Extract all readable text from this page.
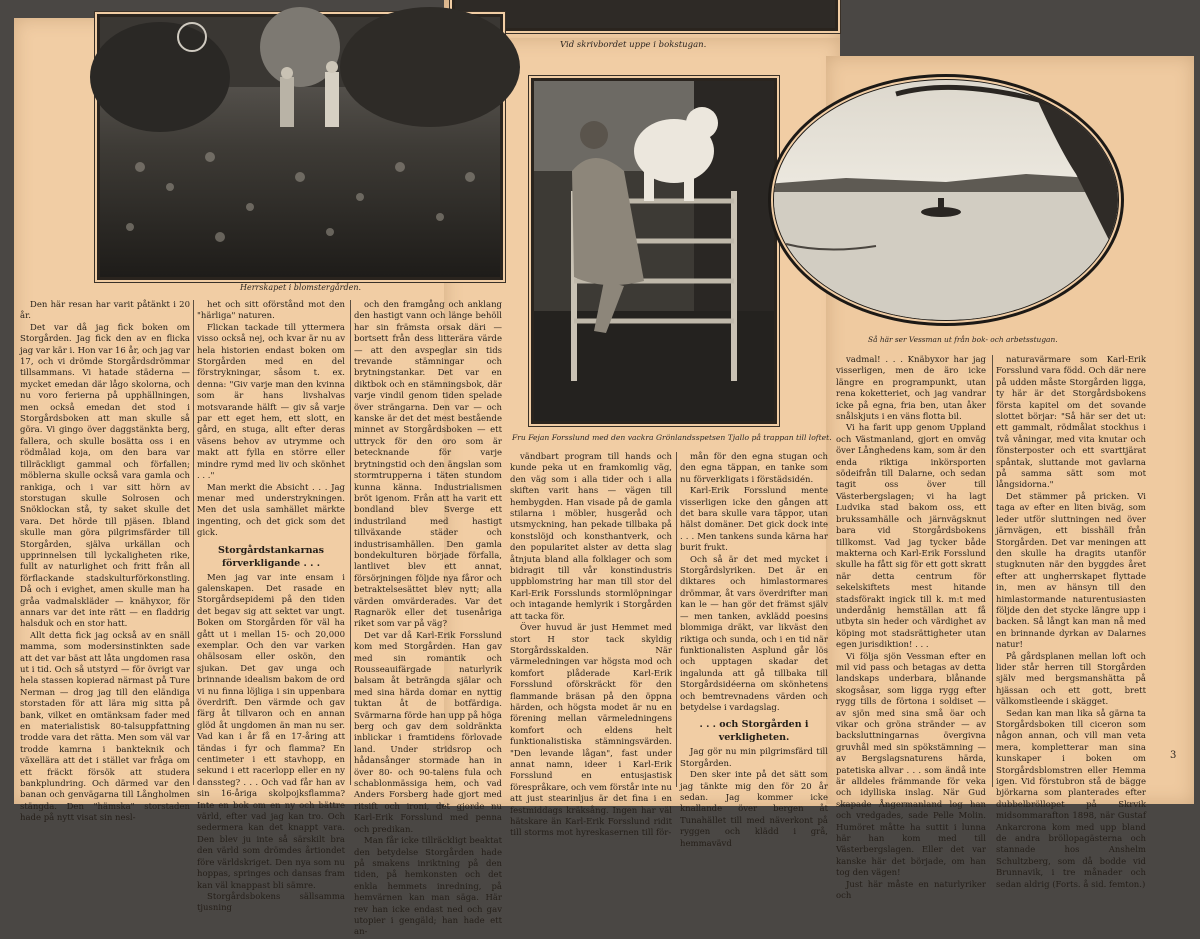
Vid skrivbordet uppe i bokstugan.
Herrskapet i blomstergården.
Fru Fejan Forsslund med den vackra Grönlandsspetsen Tjallo på trappan till loftet.
Så här ser Vessman ut från bok- och arbetsstugan.

Den här resan har varit påtänkt i 20 år.

Det var då jag fick boken om Storgården. Jag fick den av en flicka jag var kär i. Hon var 16 år, och jag var 17, och vi drömde Storgårdsdrömmar tillsammans. Vi hatade städerna — mycket emedan där lågo skolorna, och nu voro ferierna på upphällningen, men också emedan det stod i Storgårdsboken att man skulle så göra. Vi gingo över daggstänkta berg, fallera, och skulle bosätta oss i en rödmålad koja, om den bara var tillräckligt gammal och förfallen; möblerna skulle också vara gamla och rankiga, och i var sitt hörn av storstugan skulle Solrosen och Snöklockan stå, ty saket skulle det vara. Det hörde till pjäsen. Ibland skulle man göra pilgrimsfärder till Storgården, själva urkällan och upprinnelsen till lyckaligheten rike, fullt av naturlighet och fritt från all förflackande stadskulturförkonstling. Då och i evighet, amen skulle man ha gråa vadmalskläder — knähyxor, för annars var det inte rätt — en fladdrig halsduk och en stor hatt.

Allt detta fick jag också av en snäll mamma, som modersinstinkten sade att det var bäst att låta ungdomen rasa ut i tid. Och så utstyrd — för övrigt var hela stassen kopierad närmast på Ture Nerman — drog jag till den eländiga storstaden för att lära mig sitta på bank, vilket en omtänksam fader med en materialistisk 80-talsuppfattning trodde vara det rätta. Men som väl var trodde kamrna i bankteknik och växellära att det i stället var fråga om ett fräckt försök att studera bankplundring. Och därmed var den banan och genvägarna till Långholmen stängda. Den "hämska" storstaden hade på nytt visat sin nesl-

het och sitt oförstånd mot den "härliga" naturen.

Flickan tackade till yttermera visso också nej, och kvar är nu av hela historien endast boken om Storgården med en del förstrykningar, såsom t. ex. denna: "Giv varje man den kvinna som är hans livshalvas motsvarande hälft — giv så varje par ett eget hem, ett slott, en gård, en stuga, allt efter deras väsens behov av utrymme och makt att fylla en större eller mindre rymd med liv och skönhet . . ."

Man merkt die Absicht . . . Jag menar med understrykningen. Men det usla samhället märkte ingenting, och det gick som det gick.

Storgårdstankarnas förverkligande . . .

Men jag var inte ensam i galenskapen. Det rasade en Storgårdsepidemi på den tiden det begav sig att sektet var ungt. Boken om Storgården för väl ha gått ut i mellan 15- och 20,000 exemplar. Och den var varken ohälsosam eller oskön, den sjukan. Det gav unga och brinnande idealism bakom de ord vi nu finna löjliga i sin uppenbara överdrift. Den värmde och gav färg åt tillvaron och en annan glöd åt ungdomen än man nu ser. Vad kan i år få en 17-åring att tändas i fyr och flamma? En centimeter i ett stavhopp, en sekund i ett racerlopp eller en ny danssteg? . . . Och vad får han av sin 16-åriga skolpojksflamma? Inte en bok om en ny och bättre värld, efter vad jag kan tro. Och sedermera kan det knappt vara. Den blev ju inte så särskilt bra den värld som drömdes årtiondet före världskriget. Den nya som nu hoppas, springes och dansas fram kan väl knappast bli sämre.

Storgårdsbokens sällsamma tjusning

och den framgång och anklang den hastigt vann och länge behöll har sin främsta orsak däri — bortsett från dess litterära värde — att den avspeglar sin tids trevande stämningar och brytningstankar. Det var en diktbok och en stämningsbok, där varje vindil genom tiden spelade över strängarna. Den var — och kanske är det det mest bestående minnet av Storgårdsboken — ett uttryck för den oro som är betecknande för varje brytningstid och den ängslan som stormtrupperna i täten stundom kunna känna. Industrialismen bröt igenom. Från att ha varit ett bondland blev Sverge ett industriland med hastigt tillväxande städer och industrisamhällen. Den gamla bondekulturen började förfalla, lantlivet blev ett annat, försörjningen följde nya fåror och betraktelsesättet blev nytt; alla värden omvärderades. Var det Ragnarök eller det tusenåriga riket som var på väg?

Det var då Karl-Erik Forsslund kom med Storgården. Han gav med sin romantik och Rousseauifärgade naturlyrik balsam åt beträngda själar och med sina härda domar en nyttig tuktan åt de botfärdiga. Svärmarna förde han upp på höga berg och gav dem soldränkta inblickar i framtidens förlovade land. Under stridsrop och hådansånger stormade han in över 80- och 90-talens fula och schablonmässiga hem, och vad Anders Forsberg hade gjort med ritsift och ironi, det gjorde nu Karl-Erik Forsslund med penna och predikan.

Man får icke tillräckligt beaktat den betydelse Storgården hade på smakens inriktning på den tiden, på hemkonsten och det enkla hemmets inredning, på hemvärnen kan man säga. Här rev han icke endast ned och gav utopier i gengäld; han hade ett an-

vändbart program till hands och kunde peka ut en framkomlig väg, den väg som i alla tider och i alla skiften varit hans — vägen till hembygden. Han visade på de gamla stilarna i möbler, husgeråd och utsmyckning, han pekade tillbaka på konstslöjd och konsthantverk, och den popularitet alster av detta slag åtnjuta bland alla folklager och som bidragit till vår konstindustris uppblomstring har man till stor del Karl-Erik Forsslunds stormlöpningar och intagande hemlyrik i Storgården att tacka för.

Över huvud är just Hemmet med stort H stor tack skyldig Storgårdsskalden. När värmeledningen var högsta mod och komfort plåderade Karl-Erik Forsslund oförskräckt för den flammande bräsan på den öppna härden, och högsta modet är nu en förening mellan värmeledningens komfort och eldens helt funktionalistiska stämningsvärden. "Den levande lågan", fast under annat namn, ideer i Karl-Erik Forsslund en entusjastisk förespråkare, och vem förstår inte nu att just stearinljus är det fina i en festmiddags kräksång. Ingen har väl hätskare än Karl-Erik Forsslund ridit till storms mot hyreskasernen till för-

mån för den egna stugan och den egna täppan, en tanke som nu förverkligats i förstädsidén.

Karl-Erik Forsslund mente visserligen icke den gången att det bara skulle vara täppor, utan hälst domäner. Det gick dock inte . . . Men tankens sunda kärna har burit frukt.

Och så är det med mycket i Storgårdslyriken. Det är en diktares och himlastormares drömmar, åt vars överdrifter man kan le — han gör det främst själv — men tanken, avklädd poesins blommiga dräkt, var likväst den riktiga och sunda, och i en tid när funktionalisten Asplund går lös och upptagen skadar det ingalunda att gå tillbaka till Storgårdsidéerna om skönhetens och bemtrevnadens värden och betydelse i vardagslag.

. . . och Storgården i verkligheten.

Jag gör nu min pilgrimsfärd till Storgården.

Den sker inte på det sätt som jag tänkte mig den för 20 år sedan. Jag kommer icke knallande över bergen åt Tunahället till med näverkont på ryggen och klädd i grå, hemmavävd

vadmal! . . . Knäbyxor har jag visserligen, men de äro icke längre en programpunkt, utan rena koketteriet, och jag vandrar icke på egna, fria ben, utan åker snålskjuts i en väns flotta bil.

Vi ha farit upp genom Uppland och Västmanland, gjort en omväg över Långhedens kam, som är den enda riktiga inkörsporten södeifrån till Dalarne, och sedan tagit oss över till Västerbergslagen; vi ha lagt Ludvika stad bakom oss, ett brukssamhälle och järnvägsknut bara vid Storgårdsbokens tillkomst. Vad jag tycker både makterna och Karl-Erik Forsslund skulle ha fått sig för ett gott skratt när detta centrum för sekelskiftets mest hitande stadsförakt ingick till k. m:t med underdånig hemställan att få utbyta sin heder och värdighet av köping mot stadsrättigheter utan egen jurisdiktion! . . .

Vi följa sjön Vessman efter en mil vid pass och betagas av detta landskaps underbara, blånande skogsåsar, som ligga rygg efter rygg tills de förtona i soldiset — av sjön med sina små öar och vikar och gröna stränder — av backsluttningarnas övergivna gruvhål med sin spökstämning — av Bergslagsnaturens härda, patetiska allvar . . . som ändå inte är alldeles främmande för veka och idylliska inslag. När Gud skapade Ångermanland log han och vredgades, sade Pelle Molin. Humöret måtte ha suttit i lunna här han kom med till Västerbergslagen. Eller det var kanske här det började, om han tog den vägen!

Just här måste en naturlyriker och

naturavärmare som Karl-Erik Forsslund vara född. Och där nere på udden måste Storgården ligga, ty här är det Storgårdsbokens första kapitel om det sovande slottet börjar: "Så här ser det ut: ett gammalt, rödmålat stockhus i två våningar, med vita knutar och fönsterposter och ett svarttjärat spåntak, sluttande mot gavlarna på samma sätt som mot långsidorna."

Det stämmer på pricken. Vi taga av efter en liten biväg, som leder utför sluttningen ned över järnvägen, ett bisshäll från Storgården. Det var meningen att den skulle ha dragits utanför stugknuten när den byggdes året efter att ungherrskapet flyttade in, men av hänsyn till den himlastormande naturentusiasten följde den det stycke längre upp i backen. Så långt kan man nå med en brinnande dyrkan av Dalarnes natur!

På gårdsplanen mellan loft och lider står herren till Storgården själv med bergsmanshätta på hjässan och ett gott, brett välkomstleende i skägget.

Sedan kan man lika så gärna ta Storgårdsboken till ciceron som någon annan, och vill man veta mera, kompletterar man sina kunskaper i boken om Storgårdsblomstren eller Hemma igen. Vid förstubron stå de bägge björkarna som planterades efter dubbelbröllopet på Skrvik midsommarafton 1898, när Gustaf Ankarcrona kom med upp bland de andra bröllopagästerna och stannade hos Anshelm Schultzberg, som då bodde vid Brunnavik, i tre månader och sedan aldrig (Forts. å sid. femton.)

3
